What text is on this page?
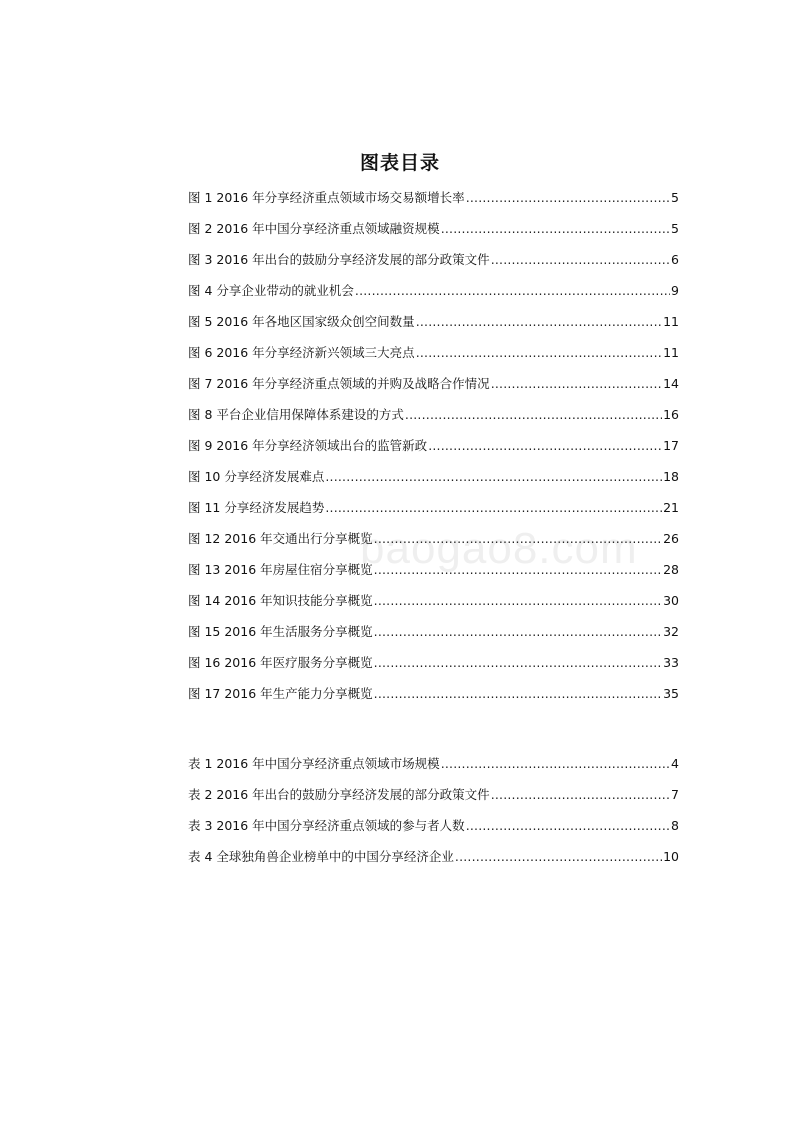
图表目录
图 1 2016 年分享经济重点领域市场交易额增长率 .....	5
图 2 2016 年中国分享经济重点领域融资规模 .....	5
图 3 2016 年出台的鼓励分享经济发展的部分政策文件 .....	6
图 4 分享企业带动的就业机会 .....	9
图 5 2016 年各地区国家级众创空间数量 .....	11
图 6 2016 年分享经济新兴领域三大亮点 .....	11
图 7 2016 年分享经济重点领域的并购及战略合作情况 .....	14
图 8 平台企业信用保障体系建设的方式 .....	16
图 9 2016 年分享经济领域出台的监管新政 .....	17
图 10 分享经济发展难点 .....	18
图 11 分享经济发展趋势 .....	21
图 12 2016 年交通出行分享概览 .....	26
图 13 2016 年房屋住宿分享概览 .....	28
图 14 2016 年知识技能分享概览 .....	30
图 15 2016 年生活服务分享概览 .....	32
图 16 2016 年医疗服务分享概览 .....	33
图 17 2016 年生产能力分享概览 .....	35
表 1 2016 年中国分享经济重点领域市场规模 .....	4
表 2 2016 年出台的鼓励分享经济发展的部分政策文件 .....	7
表 3 2016 年中国分享经济重点领域的参与者人数 .....	8
表 4 全球独角兽企业榜单中的中国分享经济企业 .....	10
baogao8.com
